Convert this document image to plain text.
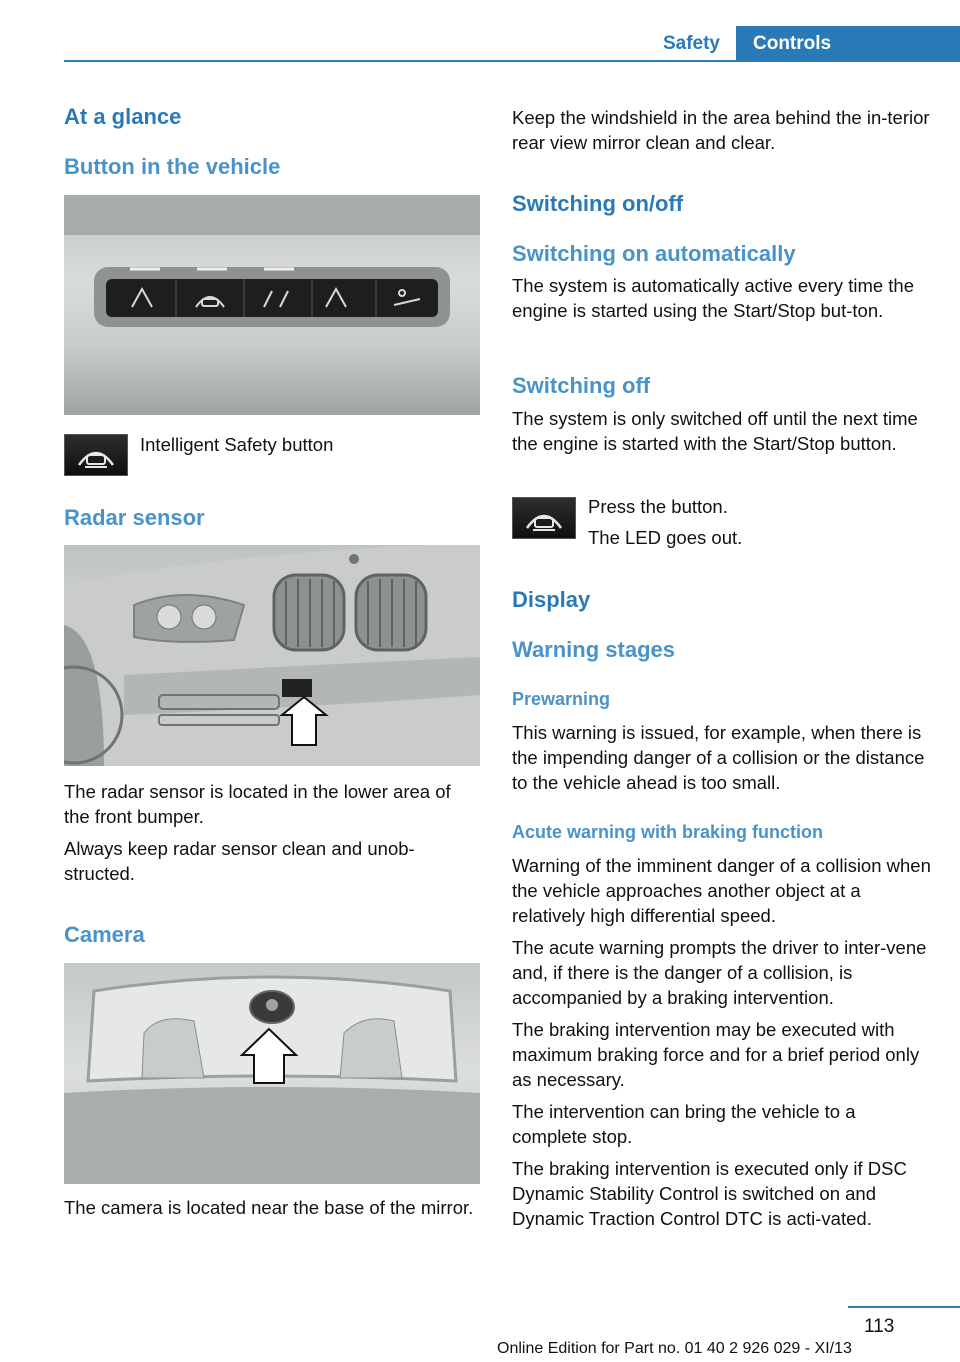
Safety	Controls
At a glance
Button in the vehicle
Intelligent Safety button
Radar sensor
The radar sensor is located in the lower area of the front bumper.
Always keep radar sensor clean and unob‐structed.
Camera
The camera is located near the base of the mirror.
Keep the windshield in the area behind the in‐terior rear view mirror clean and clear.
Switching on/off
Switching on automatically
The system is automatically active every time the engine is started using the Start/Stop but‐ton.
Switching off
The system is only switched off until the next time the engine is started with the Start/Stop button.
Press the button.
The LED goes out.
Display
Warning stages
Prewarning
This warning is issued, for example, when there is the impending danger of a collision or the distance to the vehicle ahead is too small.
Acute warning with braking function
Warning of the imminent danger of a collision when the vehicle approaches another object at a relatively high differential speed.
The acute warning prompts the driver to inter‐vene and, if there is the danger of a collision, is accompanied by a braking intervention.
The braking intervention may be executed with maximum braking force and for a brief period only as necessary.
The intervention can bring the vehicle to a complete stop.
The braking intervention is executed only if DSC Dynamic Stability Control is switched on and Dynamic Traction Control DTC is acti‐vated.
113
Online Edition for Part no. 01 40 2 926 029 - XI/13
